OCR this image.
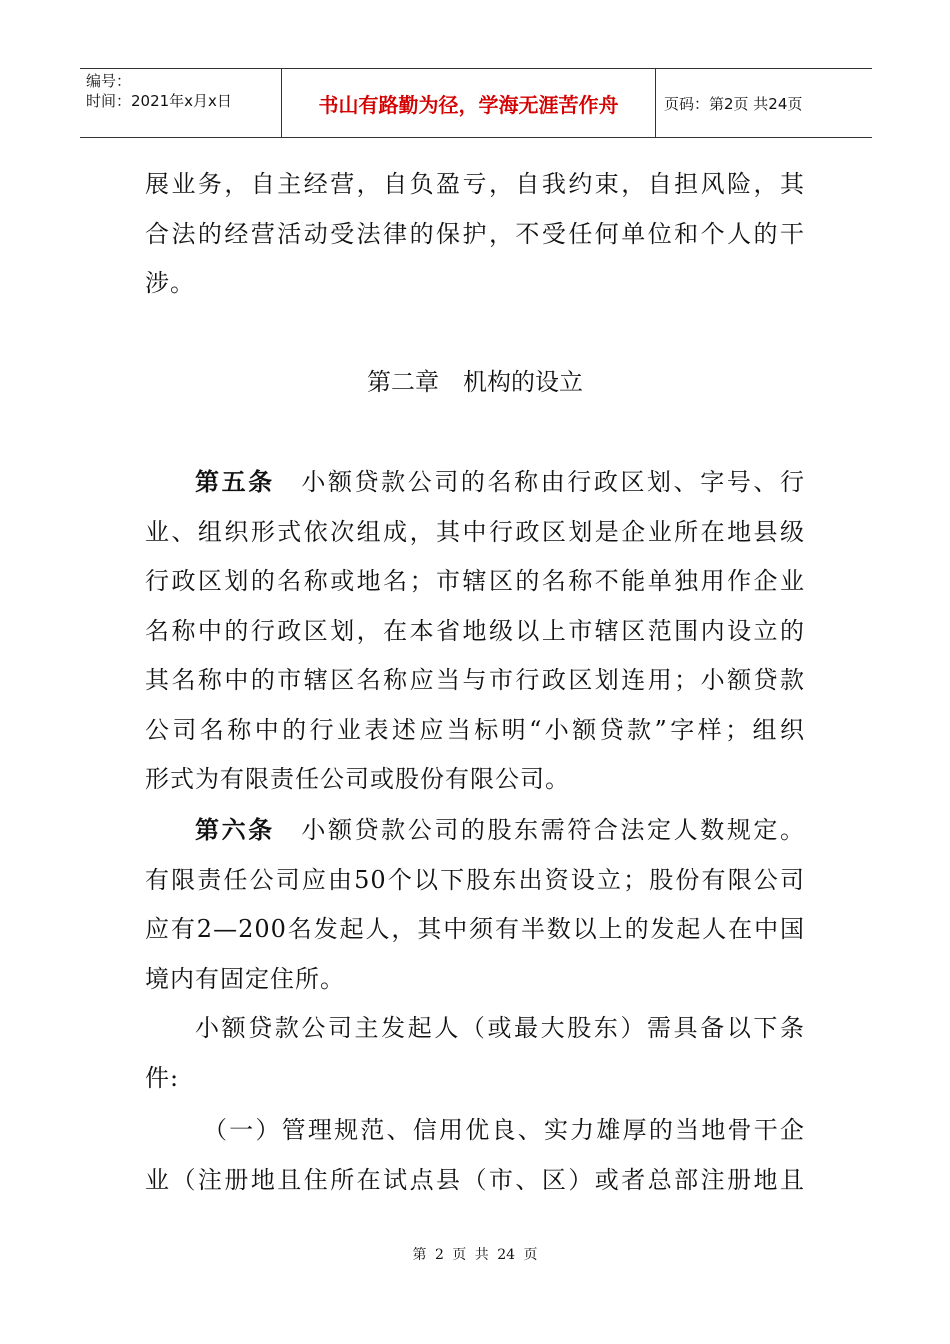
编号：
时间：2021年x月x日	书山有路勤为径，学海无涯苦作舟	页码：第2页 共24页
展业务，自主经营，自负盈亏，自我约束，自担风险，其
合法的经营活动受法律的保护，不受任何单位和个人的干
涉。
第二章　机构的设立
第五条　 小额贷款公司的名称由行政区划、字号、行
业、组织形式依次组成，其中行政区划是企业所在地县级
行政区划的名称或地名；市辖区的名称不能单独用作企业
名称中的行政区划，在本省地级以上市辖区范围内设立的
其名称中的市辖区名称应当与市行政区划连用；小额贷款
公司名称中的行业表述应当标明“小额贷款”字样；组织
形式为有限责任公司或股份有限公司。
第六条　 小额贷款公司的股东需符合法定人数规定。
有限责任公司应由50个以下股东出资设立；股份有限公司
应有2—200名发起人，其中须有半数以上的发起人在中国
境内有固定住所。
小额贷款公司主发起人（或最大股东）需具备以下条
件:
（一）管理规范、信用优良、实力雄厚的当地骨干企
业（注册地且住所在试点县（市、区）或者总部注册地且
第 2 页 共 24 页
